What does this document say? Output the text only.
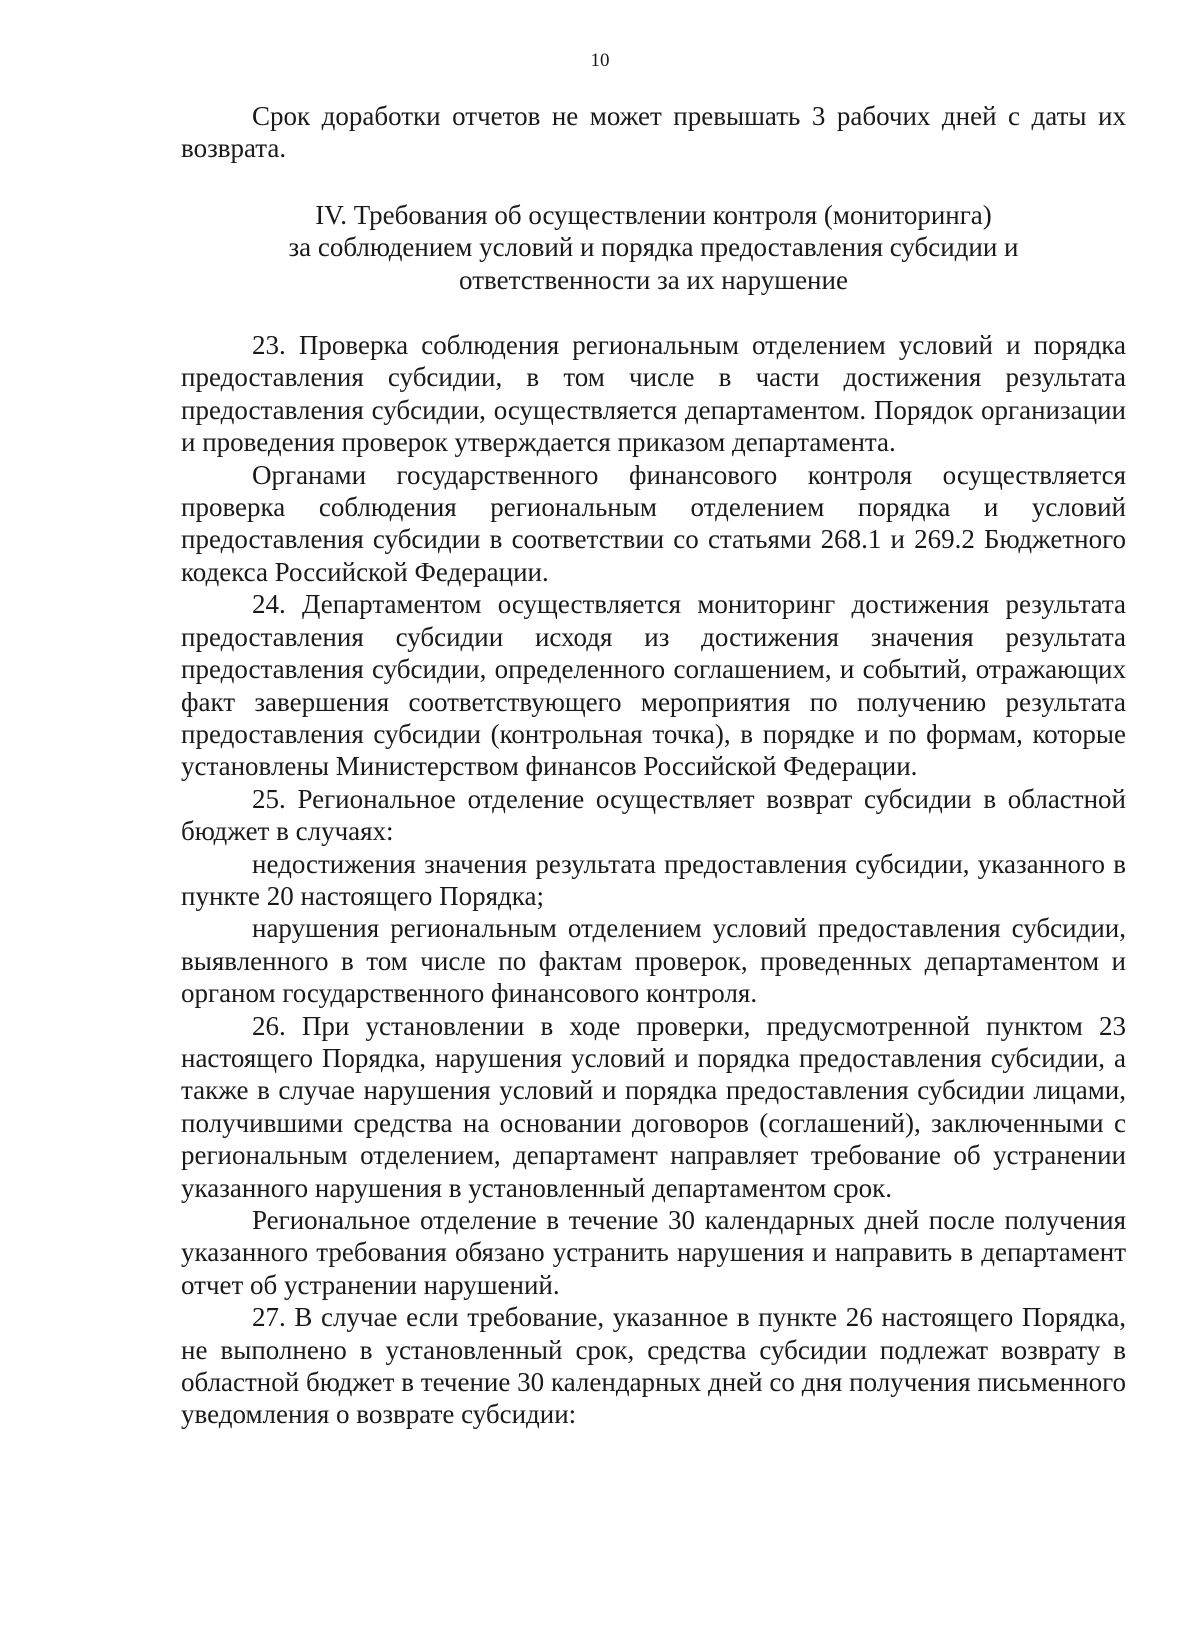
10

Срок доработки отчетов не может превышать 3 рабочих дней с даты их возврата.

IV. Требования об осуществлении контроля (мониторинга)
за соблюдением условий и порядка предоставления субсидии и
ответственности за их нарушение

23. Проверка соблюдения региональным отделением условий и порядка предоставления субсидии, в том числе в части достижения результата предоставления субсидии, осуществляется департаментом. Порядок организации и проведения проверок утверждается приказом департамента.

Органами государственного финансового контроля осуществляется проверка соблюдения региональным отделением порядка и условий предоставления субсидии в соответствии со статьями 268.1 и 269.2 Бюджетного кодекса Российской Федерации.

24. Департаментом осуществляется мониторинг достижения результата предоставления субсидии исходя из достижения значения результата предоставления субсидии, определенного соглашением, и событий, отражающих факт завершения соответствующего мероприятия по получению результата предоставления субсидии (контрольная точка), в порядке и по формам, которые установлены Министерством финансов Российской Федерации.

25. Региональное отделение осуществляет возврат субсидии в областной бюджет в случаях:

недостижения значения результата предоставления субсидии, указанного в пункте 20 настоящего Порядка;

нарушения региональным отделением условий предоставления субсидии, выявленного в том числе по фактам проверок, проведенных департаментом и органом государственного финансового контроля.

26. При установлении в ходе проверки, предусмотренной пунктом 23 настоящего Порядка, нарушения условий и порядка предоставления субсидии, а также в случае нарушения условий и порядка предоставления субсидии лицами, получившими средства на основании договоров (соглашений), заключенными с региональным отделением, департамент направляет требование об устранении указанного нарушения в установленный департаментом срок.

Региональное отделение в течение 30 календарных дней после получения указанного требования обязано устранить нарушения и направить в департамент отчет об устранении нарушений.

27. В случае если требование, указанное в пункте 26 настоящего Порядка, не выполнено в установленный срок, средства субсидии подлежат возврату в областной бюджет в течение 30 календарных дней со дня получения письменного уведомления о возврате субсидии:
